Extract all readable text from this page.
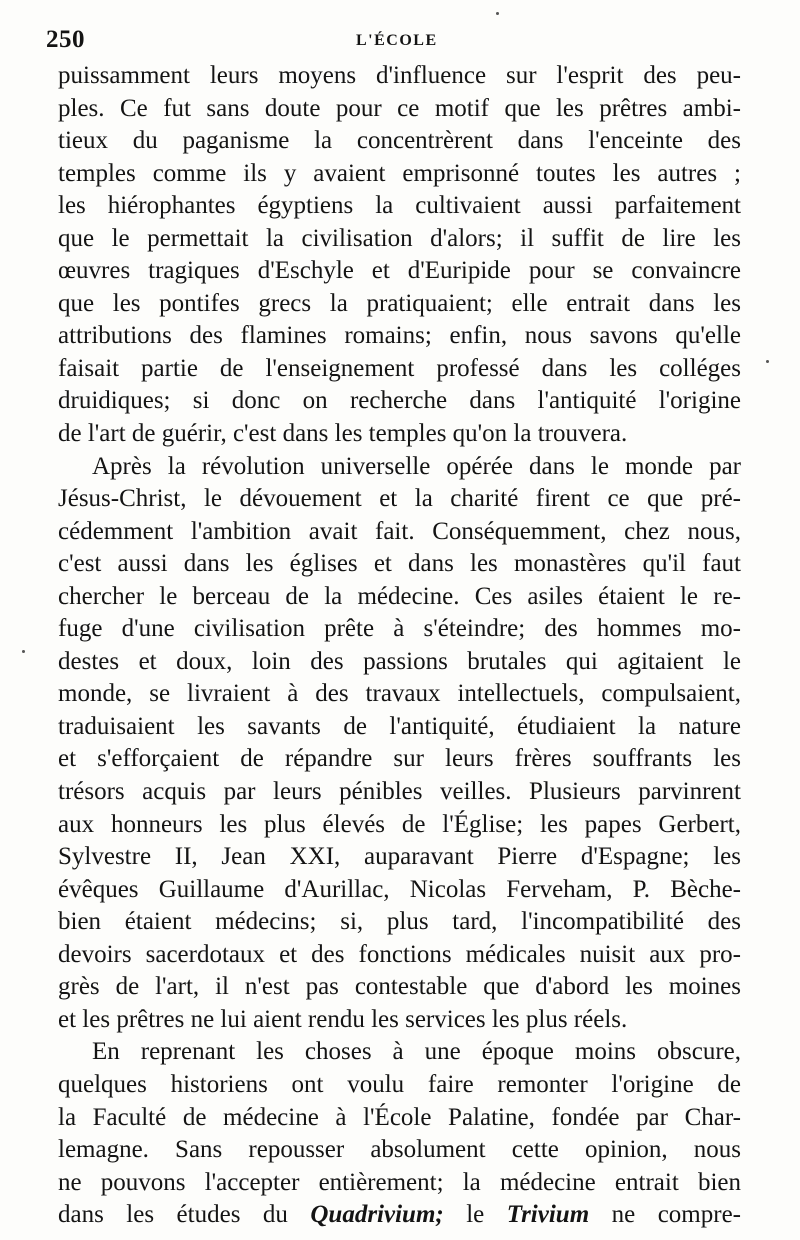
250	L'ÉCOLE
puissamment leurs moyens d'influence sur l'esprit des peu-
ples. Ce fut sans doute pour ce motif que les prêtres ambi-
tieux du paganisme la concentrèrent dans l'enceinte des
temples comme ils y avaient emprisonné toutes les autres ;
les hiérophantes égyptiens la cultivaient aussi parfaitement
que le permettait la civilisation d'alors; il suffit de lire les
œuvres tragiques d'Eschyle et d'Euripide pour se convaincre
que les pontifes grecs la pratiquaient; elle entrait dans les
attributions des flamines romains; enfin, nous savons qu'elle
faisait partie de l'enseignement professé dans les colléges
druidiques; si donc on recherche dans l'antiquité l'origine
de l'art de guérir, c'est dans les temples qu'on la trouvera.
Après la révolution universelle opérée dans le monde par
Jésus-Christ, le dévouement et la charité firent ce que pré-
cédemment l'ambition avait fait. Conséquemment, chez nous,
c'est aussi dans les églises et dans les monastères qu'il faut
chercher le berceau de la médecine. Ces asiles étaient le re-
fuge d'une civilisation prête à s'éteindre; des hommes mo-
destes et doux, loin des passions brutales qui agitaient le
monde, se livraient à des travaux intellectuels, compulsaient,
traduisaient les savants de l'antiquité, étudiaient la nature
et s'efforçaient de répandre sur leurs frères souffrants les
trésors acquis par leurs pénibles veilles. Plusieurs parvinrent
aux honneurs les plus élevés de l'Église; les papes Gerbert,
Sylvestre II, Jean XXI, auparavant Pierre d'Espagne; les
évêques Guillaume d'Aurillac, Nicolas Ferveham, P. Bèche-
bien étaient médecins; si, plus tard, l'incompatibilité des
devoirs sacerdotaux et des fonctions médicales nuisit aux pro-
grès de l'art, il n'est pas contestable que d'abord les moines
et les prêtres ne lui aient rendu les services les plus réels.
En reprenant les choses à une époque moins obscure,
quelques historiens ont voulu faire remonter l'origine de
la Faculté de médecine à l'École Palatine, fondée par Char-
lemagne. Sans repousser absolument cette opinion, nous
ne pouvons l'accepter entièrement; la médecine entrait bien
dans les études du Quadrivium; le Trivium ne compre-
